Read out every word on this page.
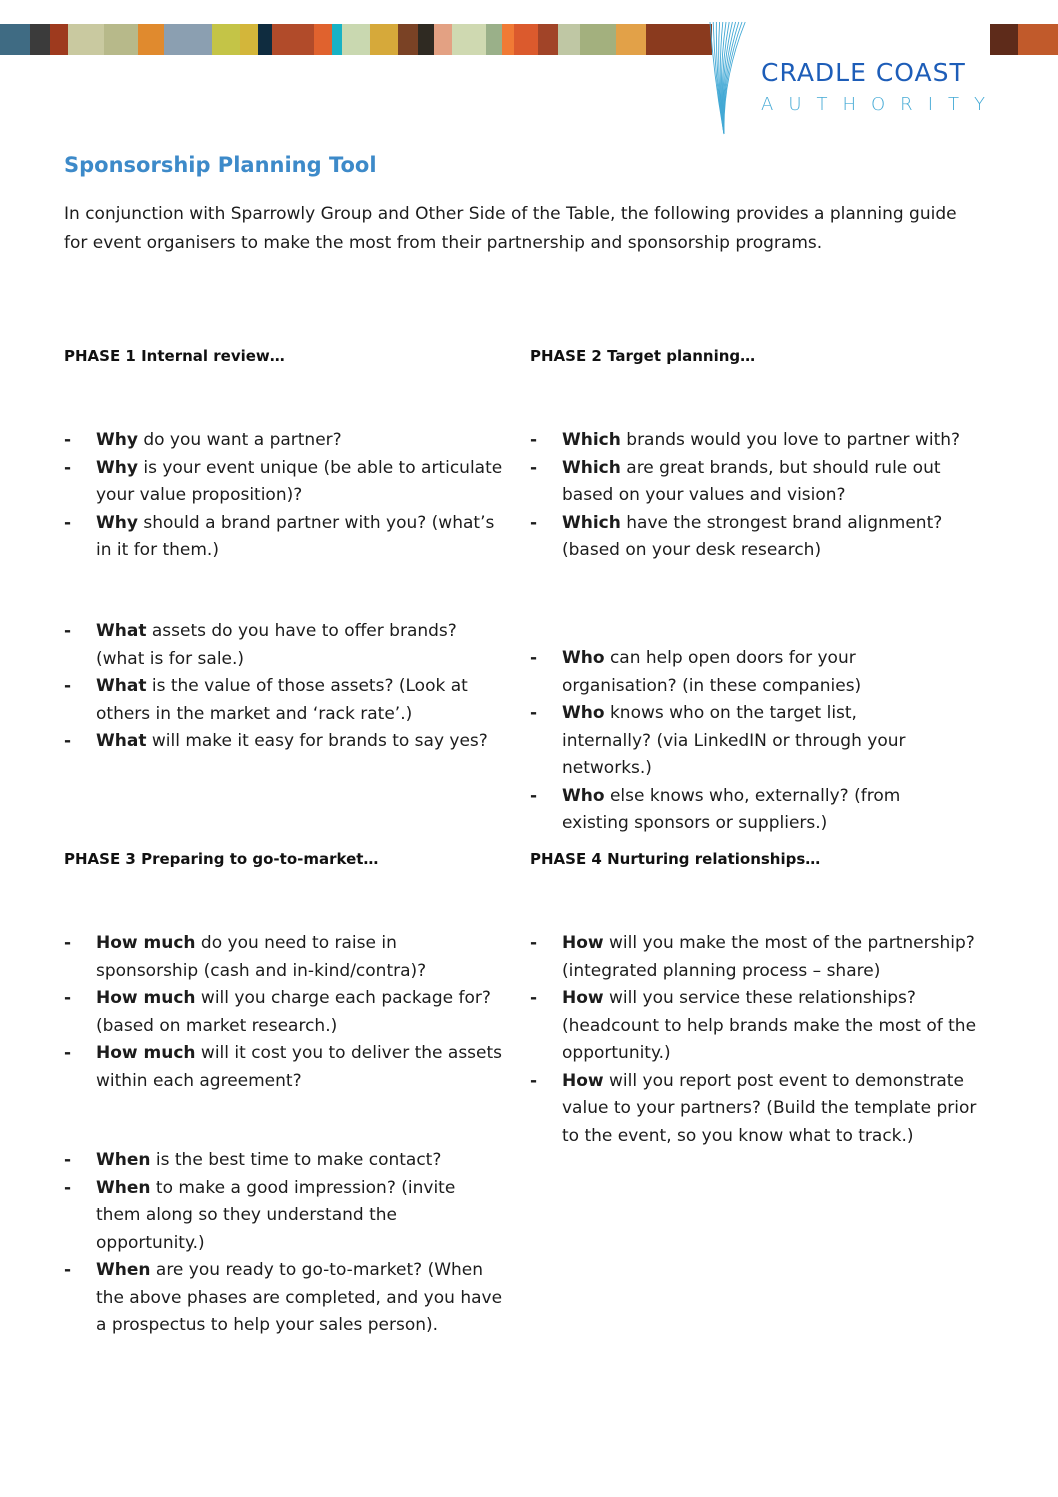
CRADLE COAST
AUTHORITY
Sponsorship Planning Tool

In conjunction with Sparrowly Group and Other Side of the Table, the following provides a planning guide for event organisers to make the most from their partnership and sponsorship programs.

PHASE 1 Internal review…
- Why do you want a partner?
- Why is your event unique (be able to articulate your value proposition)?
- Why should a brand partner with you? (what’s in it for them.)
- What assets do you have to offer brands? (what is for sale.)
- What is the value of those assets? (Look at others in the market and ‘rack rate’.)
- What will make it easy for brands to say yes?
PHASE 2 Target planning…
- Which brands would you love to partner with?
- Which are great brands, but should rule out based on your values and vision?
- Which have the strongest brand alignment? (based on your desk research)
- Who can help open doors for your organisation? (in these companies)
- Who knows who on the target list, internally? (via LinkedIN or through your networks.)
- Who else knows who, externally? (from existing sponsors or suppliers.)
PHASE 3 Preparing to go-to-market…
- How much do you need to raise in sponsorship (cash and in-kind/contra)?
- How much will you charge each package for? (based on market research.)
- How much will it cost you to deliver the assets within each agreement?
- When is the best time to make contact?
- When to make a good impression? (invite them along so they understand the opportunity.)
- When are you ready to go-to-market? (When the above phases are completed, and you have a prospectus to help your sales person).
PHASE 4 Nurturing relationships…
- How will you make the most of the partnership? (integrated planning process – share)
- How will you service these relationships? (headcount to help brands make the most of the opportunity.)
- How will you report post event to demonstrate value to your partners? (Build the template prior to the event, so you know what to track.)
